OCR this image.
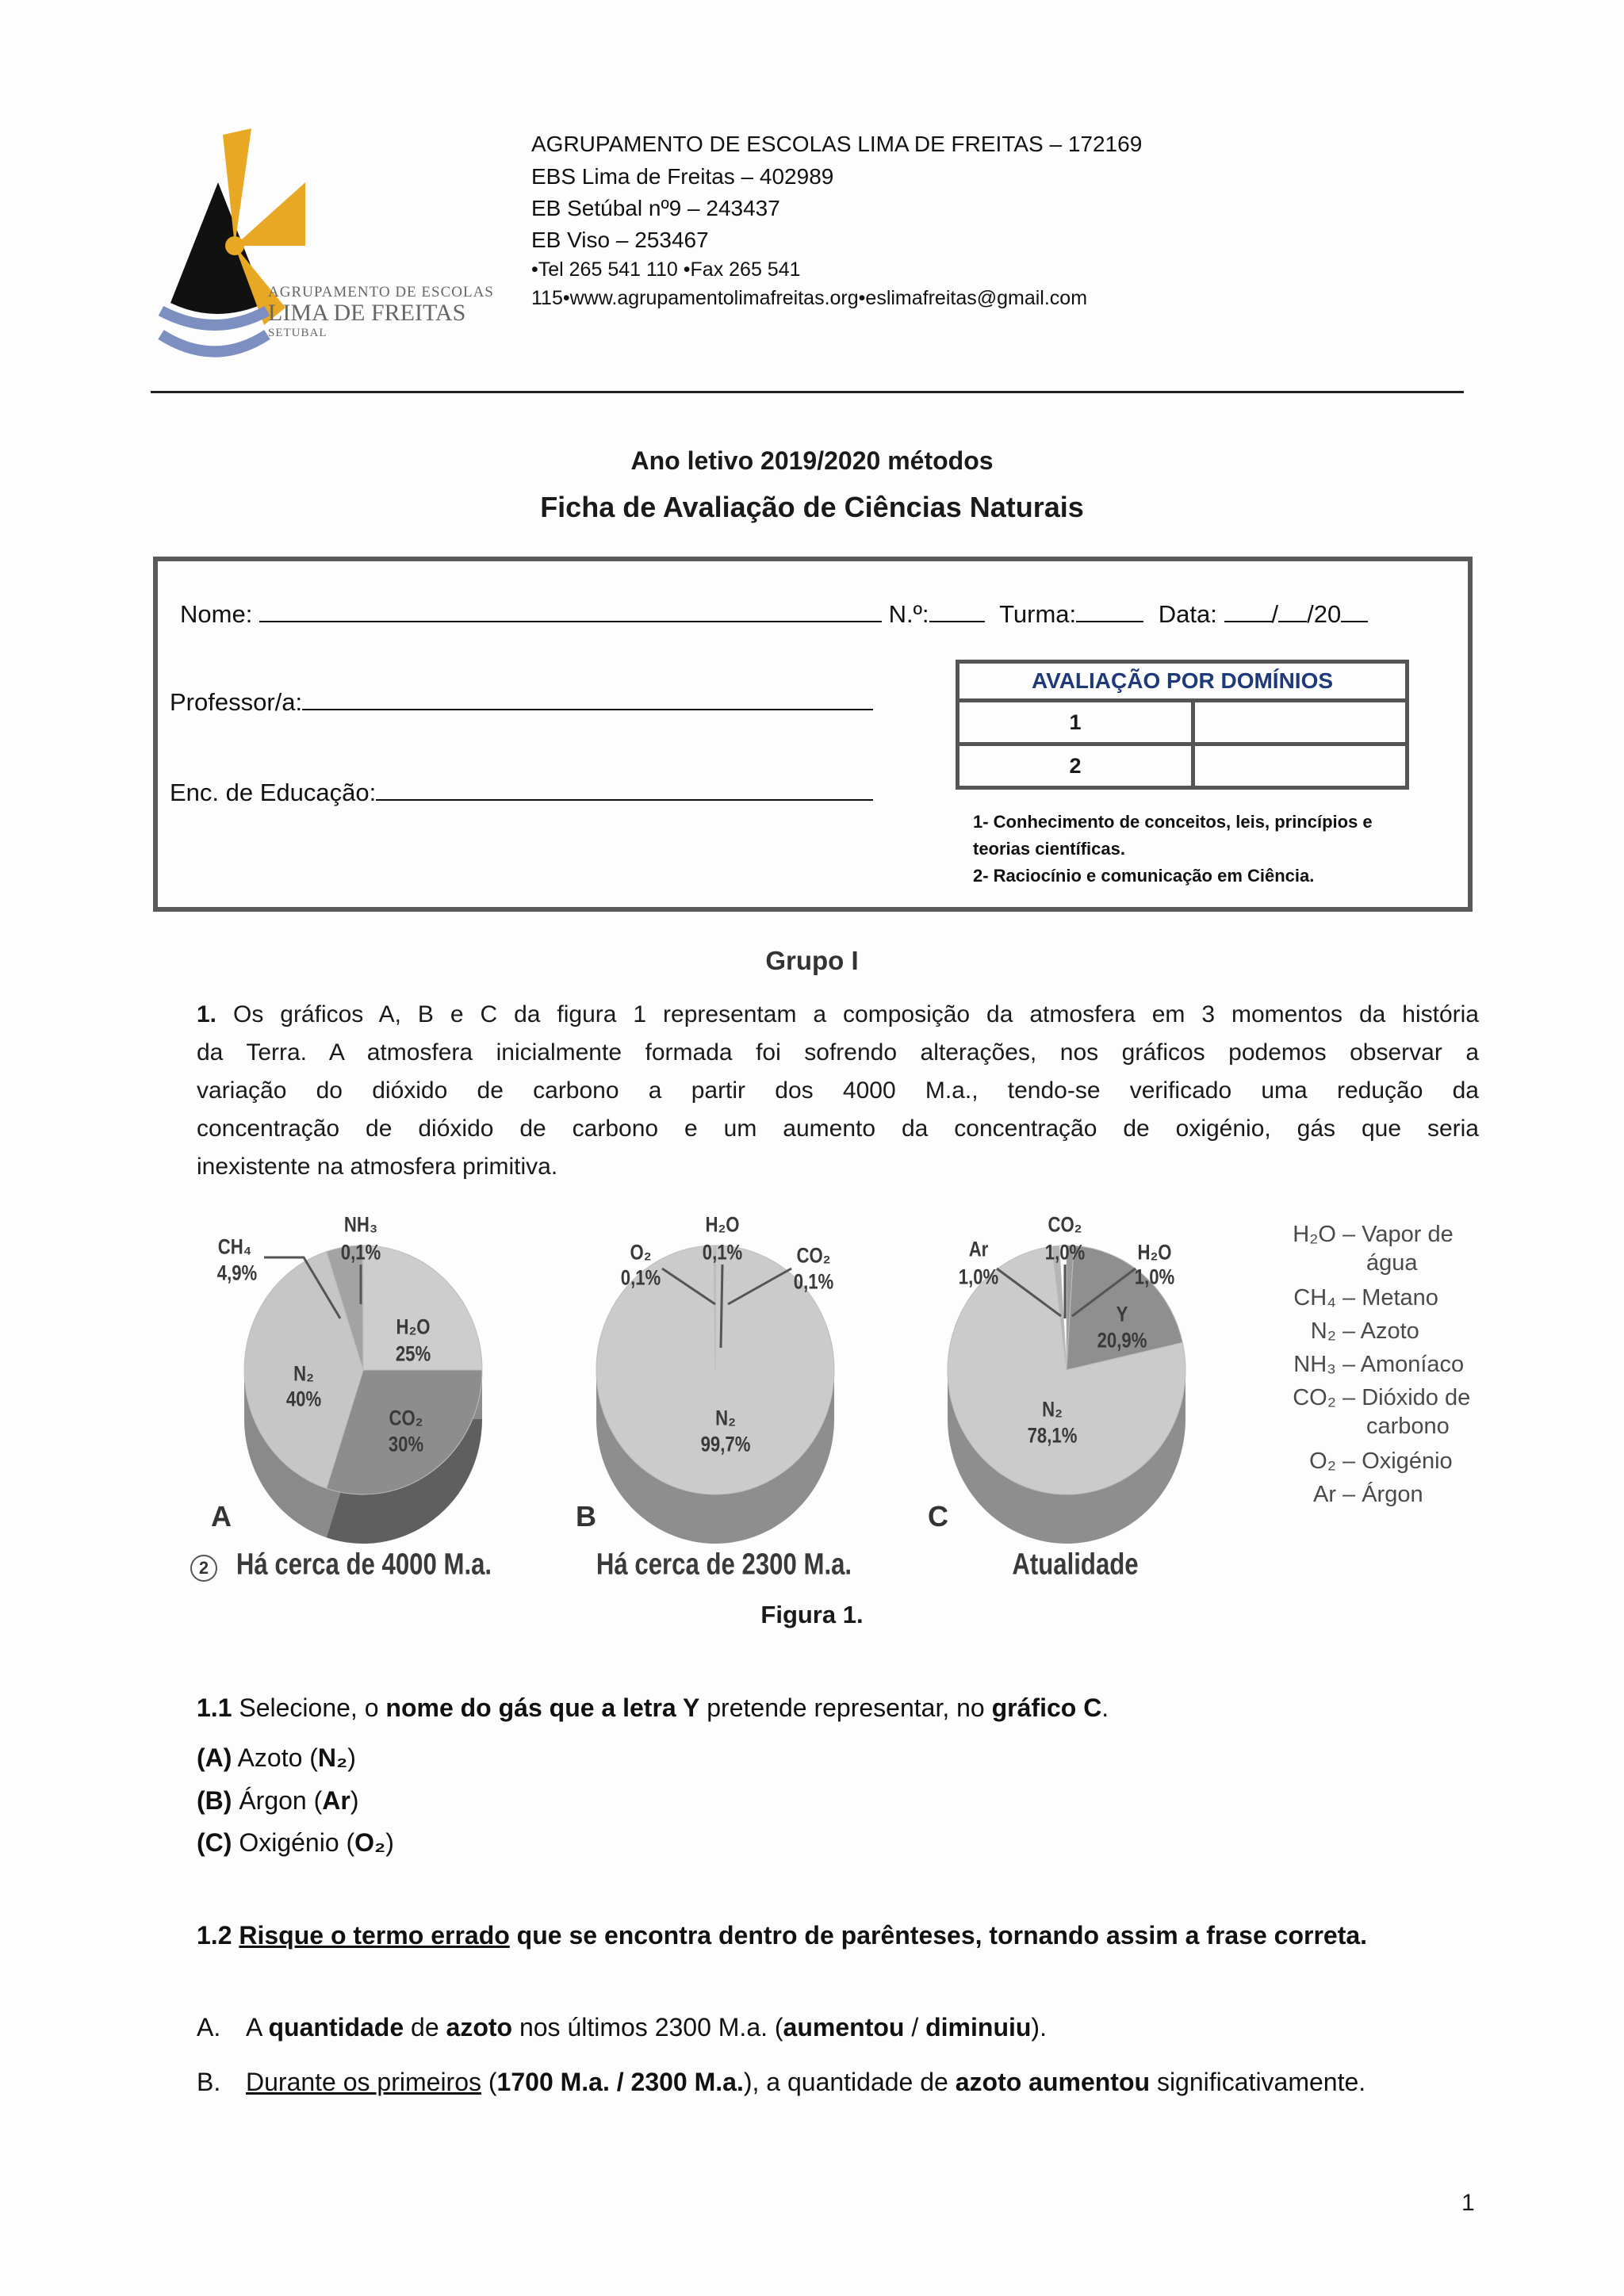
AGRUPAMENTO DE ESCOLAS
LIMA DE FREITAS
SETUBAL
AGRUPAMENTO DE ESCOLAS LIMA DE FREITAS – 172169
EBS Lima de Freitas – 402989
EB Setúbal nº9 – 243437
EB Viso – 253467
•Tel 265 541 110 •Fax 265 541
115•www.agrupamentolimafreitas.org•eslimafreitas@gmail.com
Ano letivo 2019/2020 métodos
Ficha de Avaliação de Ciências Naturais
Nome:	N.º:	Turma:	Data: / /20
Professor/a:
Enc. de Educação:
AVALIAÇÃO POR DOMÍNIOS	
1	
2	
1- Conhecimento de conceitos, leis, princípios e
teorias científicas.
2- Raciocínio e comunicação em Ciência.
Grupo I
1. Os gráficos A, B e C da figura 1 representam a composição da atmosfera em 3 momentos da história
da Terra. A atmosfera inicialmente formada foi sofrendo alterações, nos gráficos podemos observar a
variação do dióxido de carbono a partir dos 4000 M.a., tendo-se verificado uma redução da
concentração de dióxido de carbono e um aumento da concentração de oxigénio, gás que seria
inexistente na atmosfera primitiva.
CH₄
4,9%
NH₃
0,1%
H₂O
25%
N₂
40%
CO₂
30%
A
2 Há cerca de 4000 M.a.
O₂
0,1%
H₂O
0,1%	CO₂
0,1%
N₂
99,7%
B
Há cerca de 2300 M.a.
Ar
1,0%
CO₂
1,0% H₂O
1,0%
Y
20,9%
N₂
78,1%
C
Atualidade
H₂O – Vapor de
água
CH₄ – Metano
N₂ – Azoto
NH₃ – Amoníaco
CO₂ – Dióxido de
carbono
O₂ – Oxigénio
Ar – Árgon
Figura 1.
1.1 Selecione, o nome do gás que a letra Y pretende representar, no gráfico C.
(A) Azoto (N₂)
(B) Árgon (Ar)
(C) Oxigénio (O₂)
1.2 Risque o termo errado que se encontra dentro de parênteses, tornando assim a frase correta.
A. A quantidade de azoto nos últimos 2300 M.a. (aumentou / diminuiu).
B. Durante os primeiros (1700 M.a. / 2300 M.a.), a quantidade de azoto aumentou significativamente.
1
